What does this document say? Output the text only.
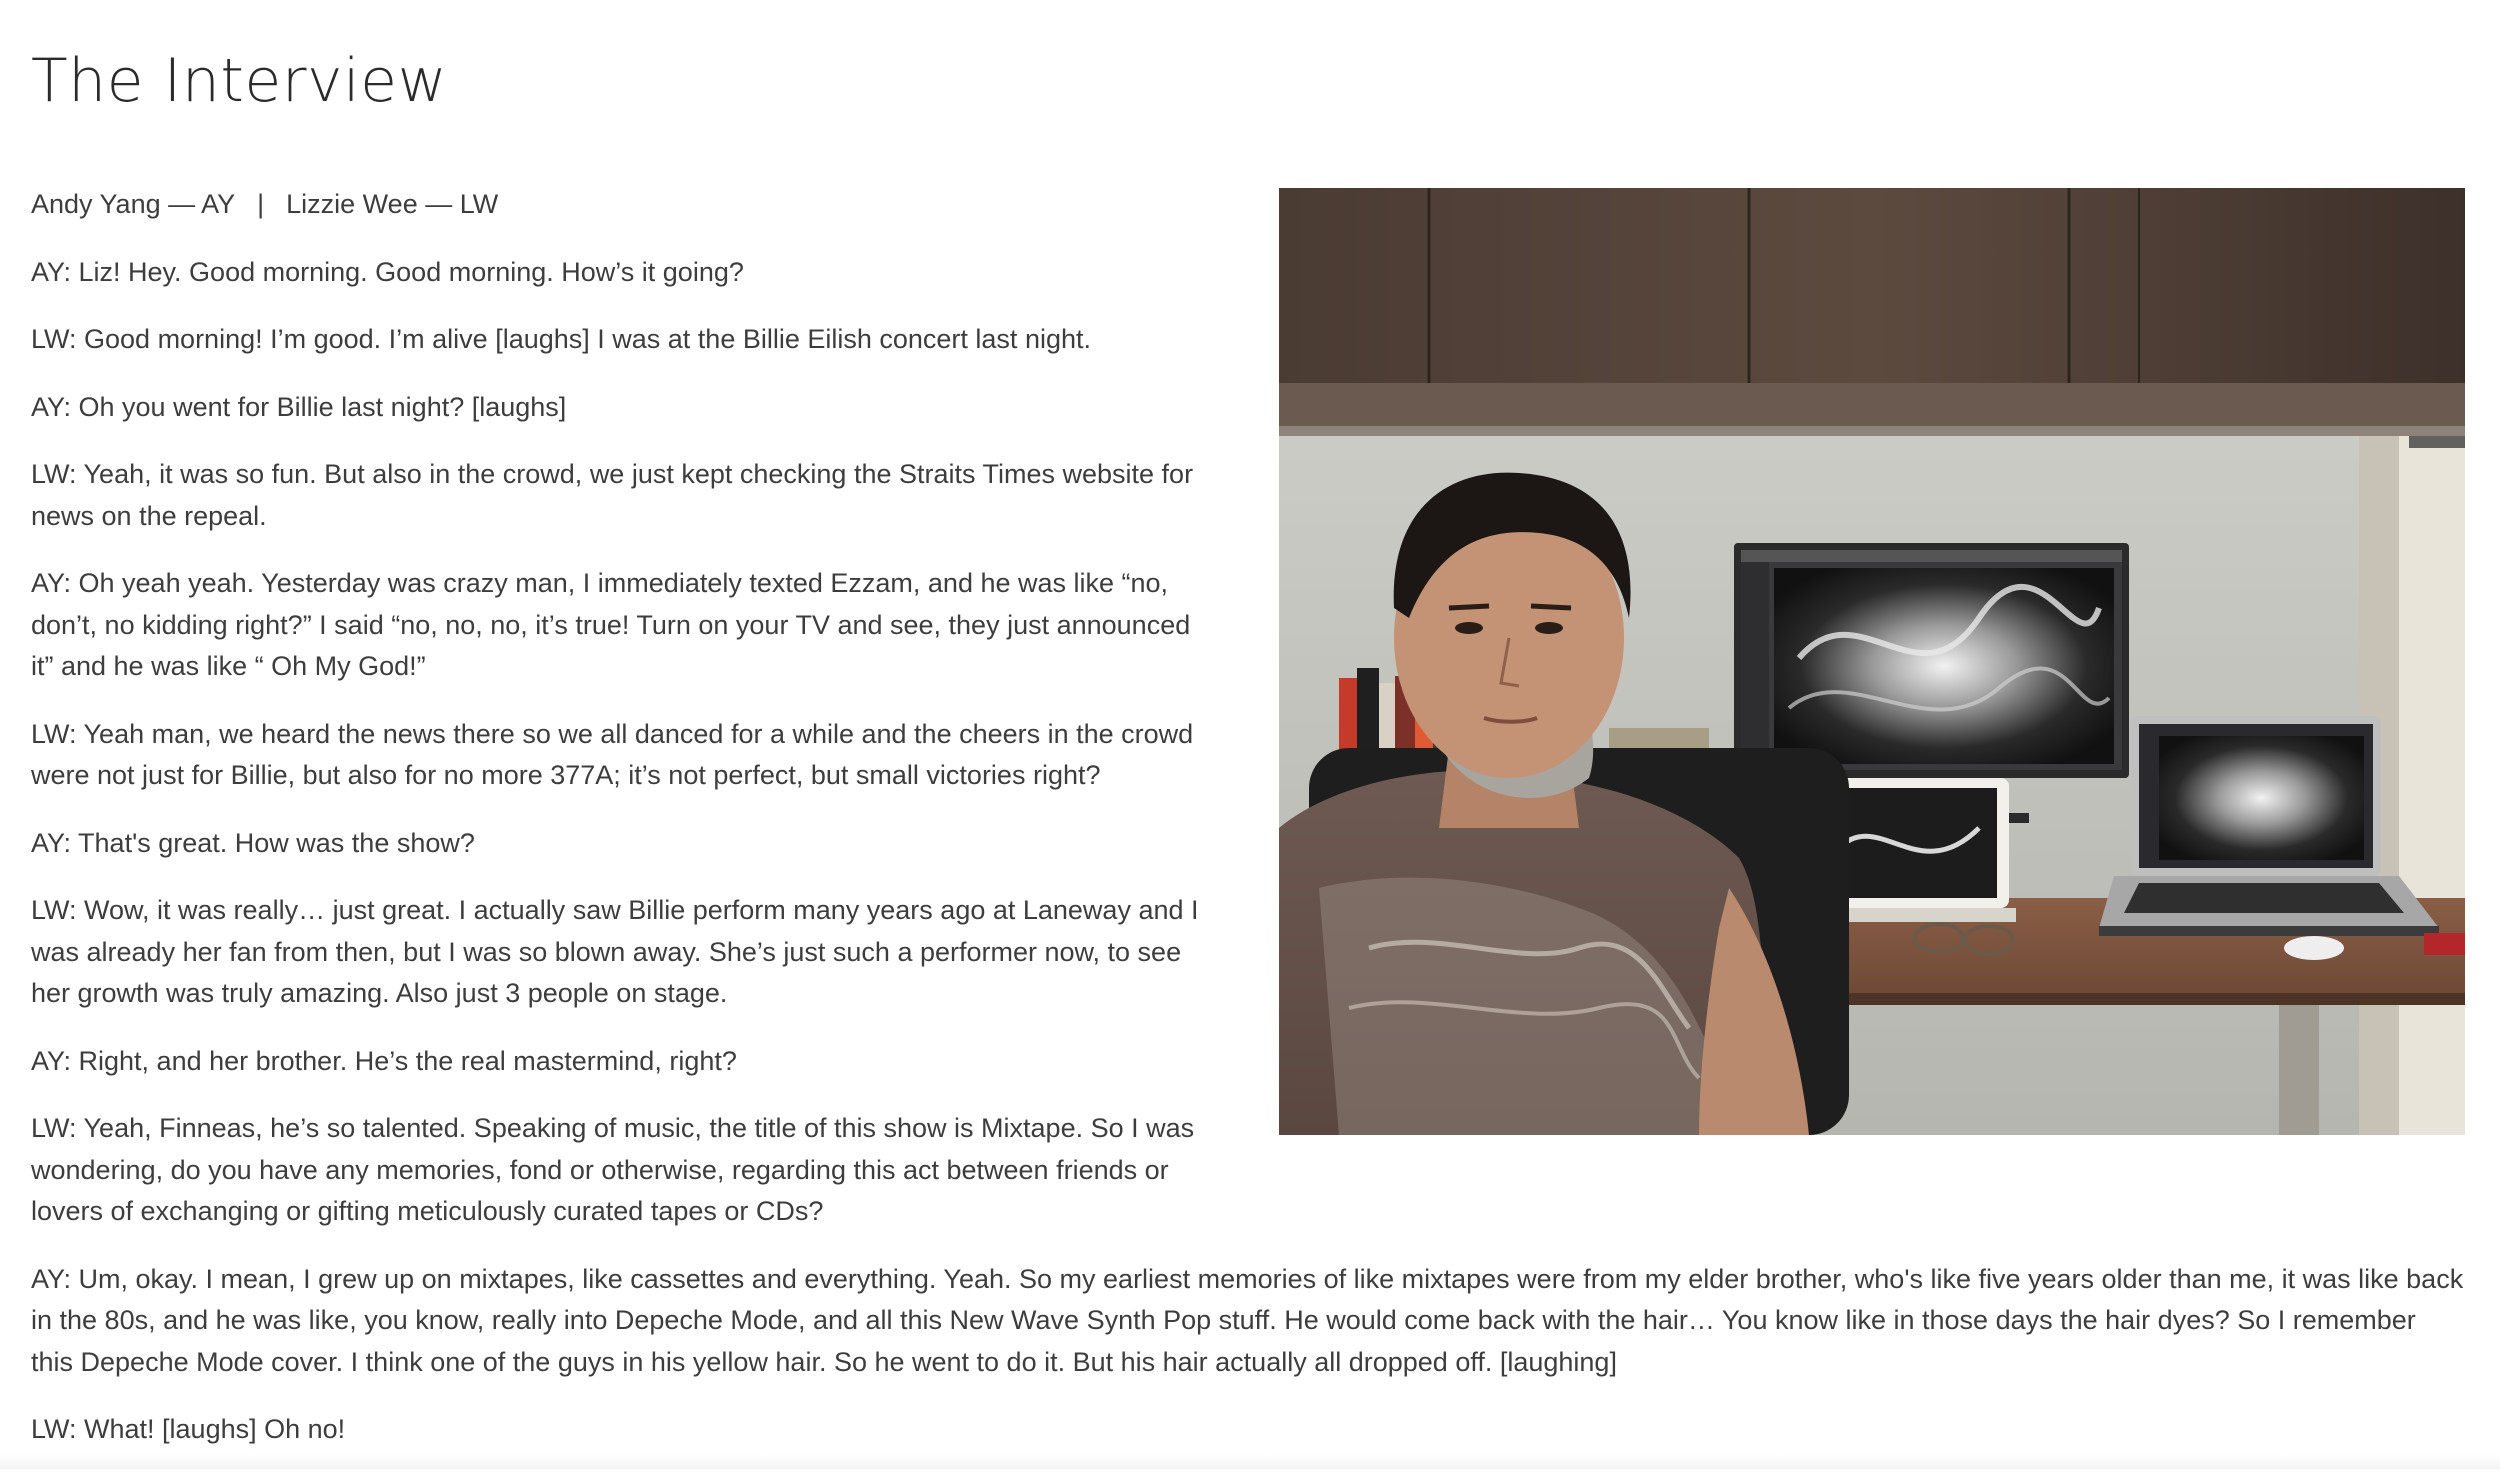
The Interview

Andy Yang — AY | Lizzie Wee — LW

AY: Liz! Hey. Good morning. Good morning. How’s it going?

LW: Good morning! I’m good. I’m alive [laughs] I was at the Billie Eilish concert last night.

AY: Oh you went for Billie last night? [laughs]

LW: Yeah, it was so fun. But also in the crowd, we just kept checking the Straits Times website for news on the repeal.

AY: Oh yeah yeah. Yesterday was crazy man, I immediately texted Ezzam, and he was like “no, don’t, no kidding right?” I said “no, no, no, it’s true! Turn on your TV and see, they just announced it” and he was like “ Oh My God!”

LW: Yeah man, we heard the news there so we all danced for a while and the cheers in the crowd were not just for Billie, but also for no more 377A; it’s not perfect, but small victories right?

AY: That's great. How was the show?

LW: Wow, it was really… just great. I actually saw Billie perform many years ago at Laneway and I was already her fan from then, but I was so blown away. She’s just such a performer now, to see her growth was truly amazing. Also just 3 people on stage.

AY: Right, and her brother. He’s the real mastermind, right?

LW: Yeah, Finneas, he’s so talented. Speaking of music, the title of this show is Mixtape. So I was wondering, do you have any memories, fond or otherwise, regarding this act between friends or lovers of exchanging or gifting meticulously curated tapes or CDs?

AY: Um, okay. I mean, I grew up on mixtapes, like cassettes and everything. Yeah. So my earliest memories of like mixtapes were from my elder brother, who's like five years older than me, it was like back in the 80s, and he was like, you know, really into Depeche Mode, and all this New Wave Synth Pop stuff. He would come back with the hair… You know like in those days the hair dyes? So I remember this Depeche Mode cover. I think one of the guys in his yellow hair. So he went to do it. But his hair actually all dropped off. [laughing]

LW: What! [laughs] Oh no!
